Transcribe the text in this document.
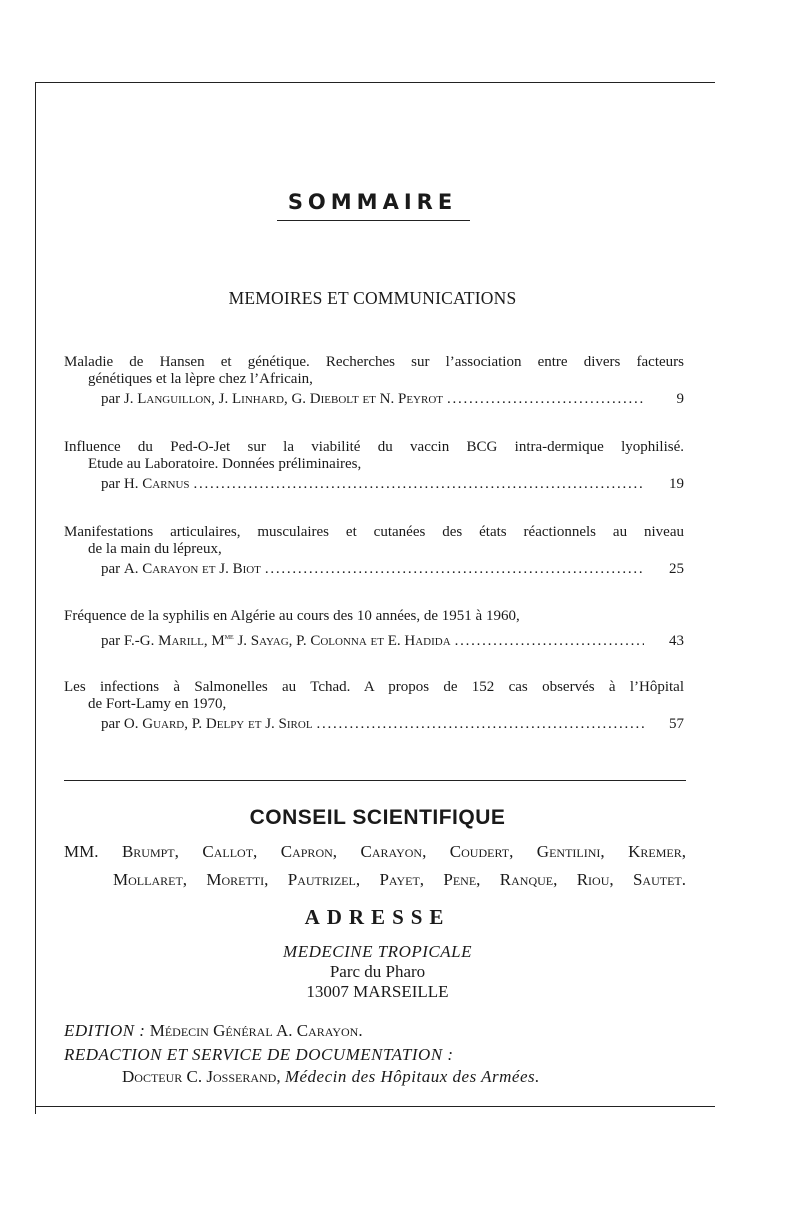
SOMMAIRE
MEMOIRES ET COMMUNICATIONS
Maladie de Hansen et génétique. Recherches sur l’association entre divers facteurs
génétiques et la lèpre chez l’Africain,
par J. Languillon, J. Linhard, G. Diebolt et N. Peyrot . . .	9
Influence du Ped-O-Jet sur la viabilité du vaccin BCG intra-dermique lyophilisé.
Etude au Laboratoire. Données préliminaires,
par H. Carnus . . .	19
Manifestations articulaires, musculaires et cutanées des états réactionnels au niveau
de la main du lépreux,
par A. Carayon et J. Biot . . .	25
Fréquence de la syphilis en Algérie au cours des 10 années, de 1951 à 1960,
par F.-G. Marill, $M^{me}$ J. Sayag, P. Colonna et E. Hadida . . .	43
Les infections à Salmonelles au Tchad. A propos de 152 cas observés à l’Hôpital
de Fort-Lamy en 1970,
par O. Guard, P. Delpy et J. Sirol . . .	57
CONSEIL SCIENTIFIQUE
MM. Brumpt, Callot, Capron, Carayon, Coudert, Gentilini, Kremer,
Mollaret, Moretti, Pautrizel, Payet, Pene, Ranque, Riou, Sautet.
ADRESSE
MEDECINE TROPICALE
Parc du Pharo
13007 MARSEILLE
EDITION : Médecin Général A. Carayon.
REDACTION ET SERVICE DE DOCUMENTATION :
Docteur C. Josserand, Médecin des Hôpitaux des Armées.
